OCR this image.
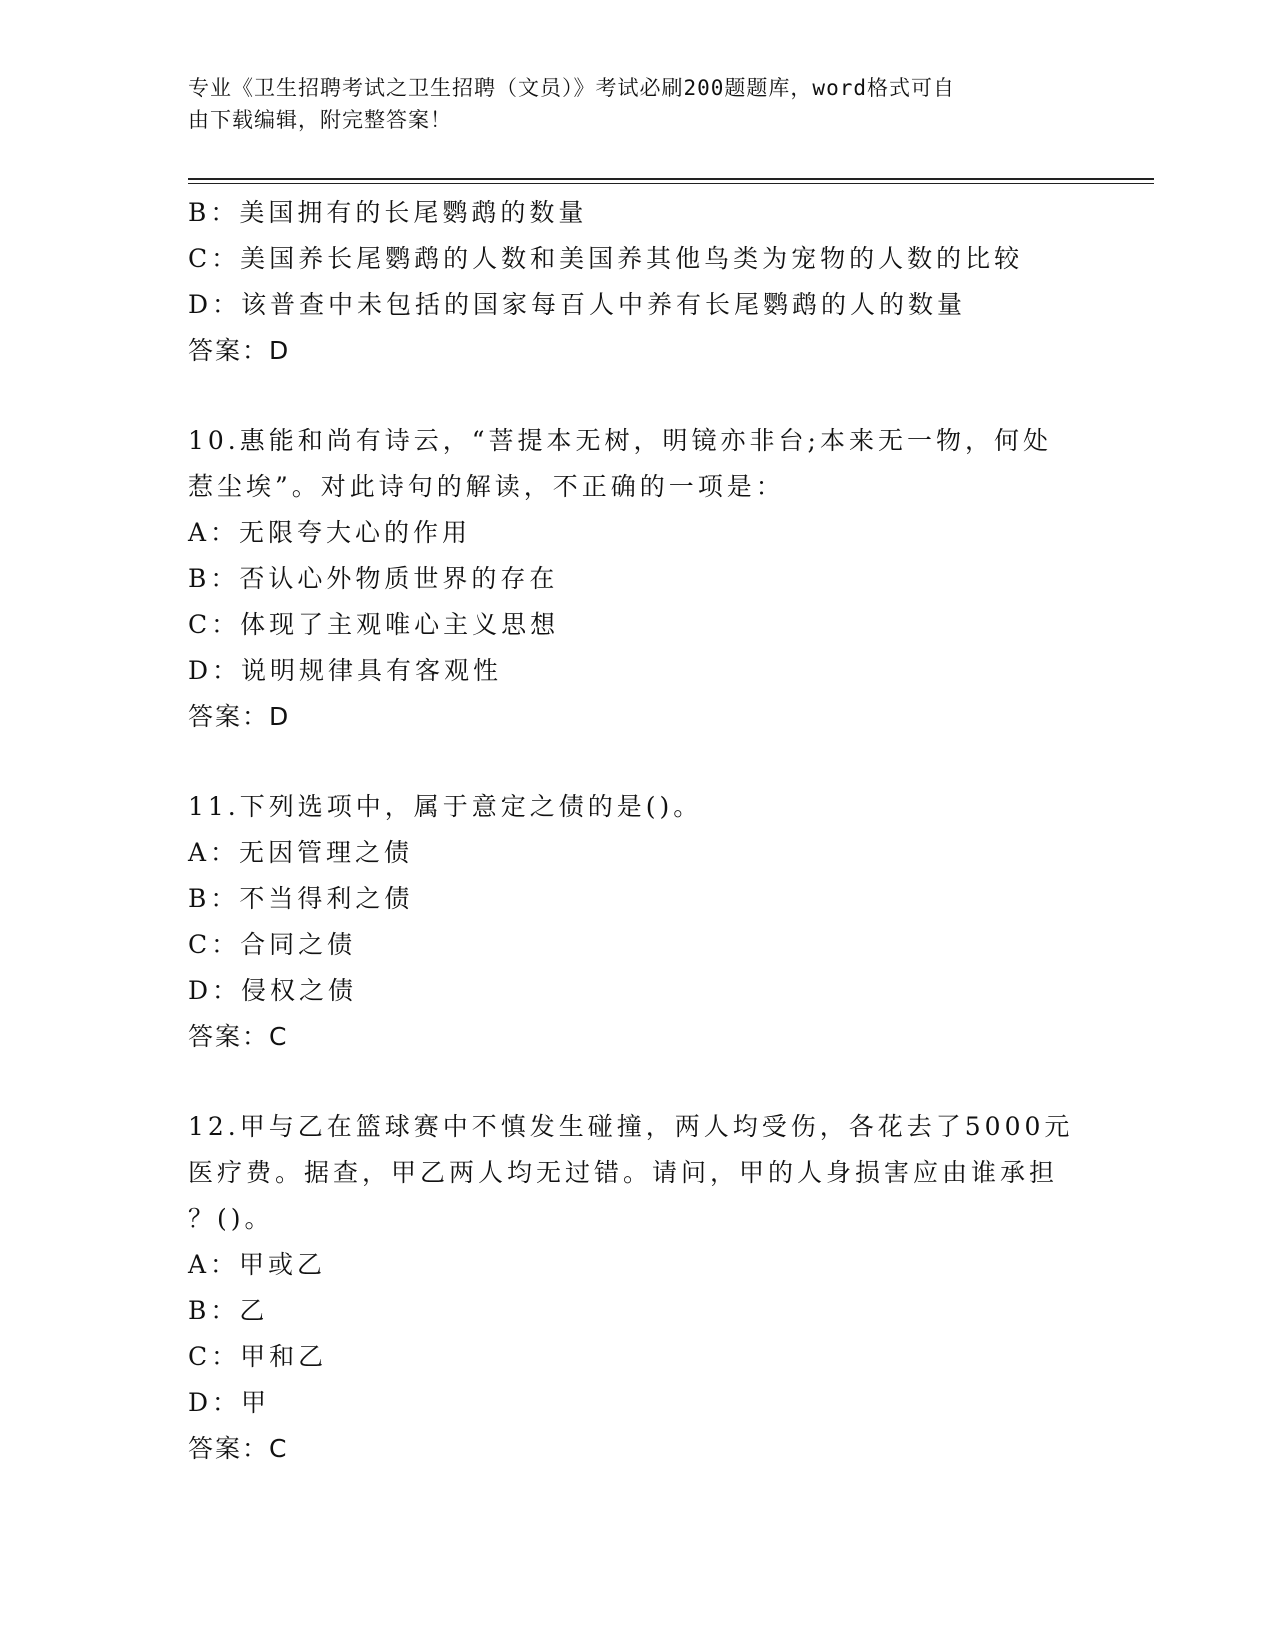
专业《卫生招聘考试之卫生招聘（文员）》考试必刷200题题库，word格式可自
由下载编辑，附完整答案！
B：美国拥有的长尾鹦鹉的数量
C：美国养长尾鹦鹉的人数和美国养其他鸟类为宠物的人数的比较
D：该普查中未包括的国家每百人中养有长尾鹦鹉的人的数量
答案：D
10.惠能和尚有诗云，“菩提本无树，明镜亦非台;本来无一物，何处
惹尘埃”。对此诗句的解读，不正确的一项是：
A：无限夸大心的作用
B：否认心外物质世界的存在
C：体现了主观唯心主义思想
D：说明规律具有客观性
答案：D
11.下列选项中，属于意定之债的是()。
A：无因管理之债
B：不当得利之债
C：合同之债
D：侵权之债
答案：C
12.甲与乙在篮球赛中不慎发生碰撞，两人均受伤，各花去了5000元
医疗费。据查，甲乙两人均无过错。请问，甲的人身损害应由谁承担
？()。
A：甲或乙
B：乙
C：甲和乙
D：甲
答案：C
